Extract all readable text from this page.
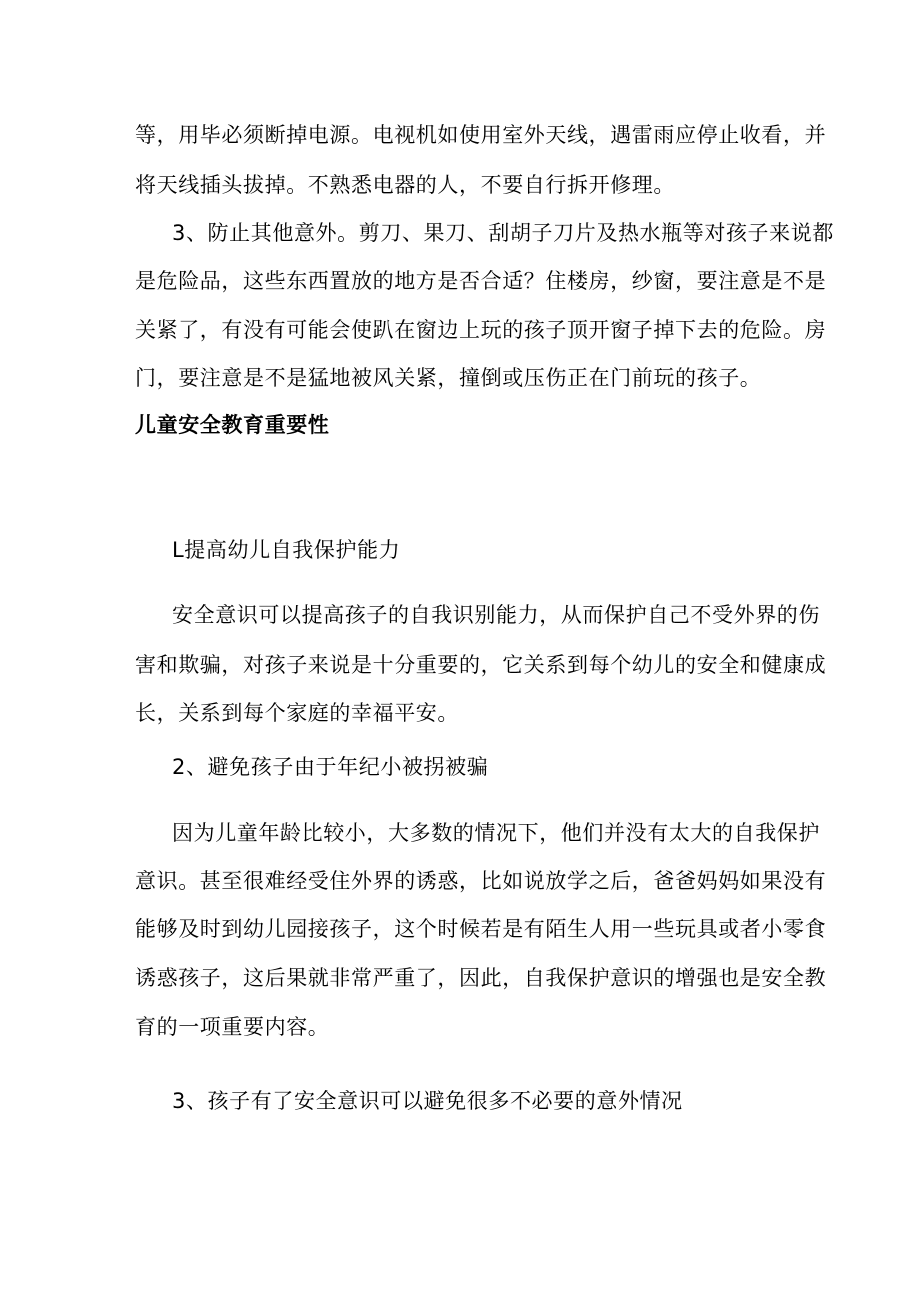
等，用毕必须断掉电源。电视机如使用室外天线，遇雷雨应停止收看，并
将天线插头拔掉。不熟悉电器的人，不要自行拆开修理。
3、防止其他意外。剪刀、果刀、刮胡子刀片及热水瓶等对孩子来说都
是危险品，这些东西置放的地方是否合适？住楼房，纱窗，要注意是不是
关紧了，有没有可能会使趴在窗边上玩的孩子顶开窗子掉下去的危险。房
门，要注意是不是猛地被风关紧，撞倒或压伤正在门前玩的孩子。
儿童安全教育重要性
L提高幼儿自我保护能力
安全意识可以提高孩子的自我识别能力，从而保护自己不受外界的伤
害和欺骗，对孩子来说是十分重要的，它关系到每个幼儿的安全和健康成
长，关系到每个家庭的幸福平安。
2、避免孩子由于年纪小被拐被骗
因为儿童年龄比较小，大多数的情况下，他们并没有太大的自我保护
意识。甚至很难经受住外界的诱惑，比如说放学之后，爸爸妈妈如果没有
能够及时到幼儿园接孩子，这个时候若是有陌生人用一些玩具或者小零食
诱惑孩子，这后果就非常严重了，因此，自我保护意识的增强也是安全教
育的一项重要内容。
3、孩子有了安全意识可以避免很多不必要的意外情况
